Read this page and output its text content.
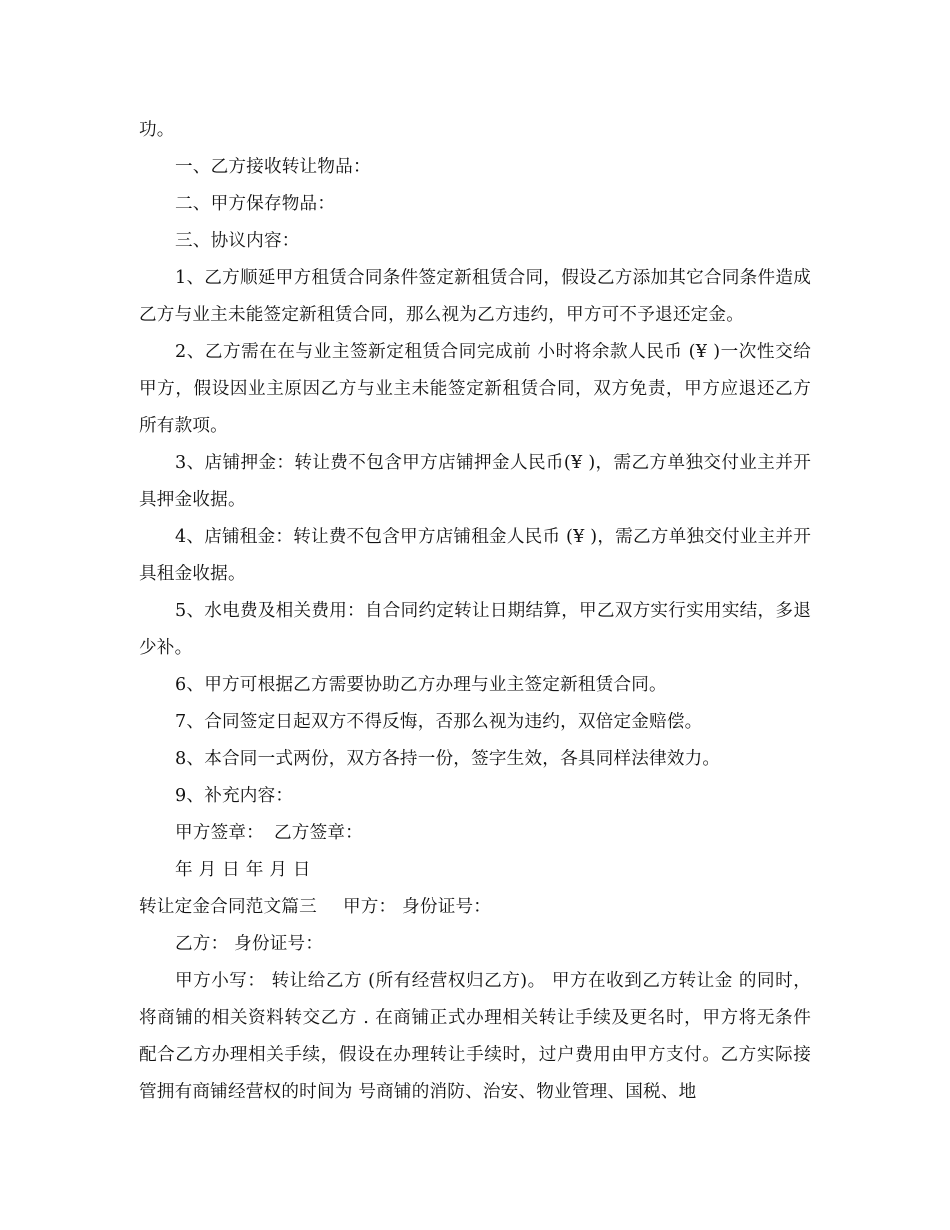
功。

一、乙方接收转让物品：

二、甲方保存物品：

三、协议内容：

1、乙方顺延甲方租赁合同条件签定新租赁合同，假设乙方添加其它合同条件造成乙方与业主未能签定新租赁合同，那么视为乙方违约，甲方可不予退还定金。

2、乙方需在在与业主签新定租赁合同完成前 小时将余款人民币 (¥ )一次性交给甲方，假设因业主原因乙方与业主未能签定新租赁合同，双方免责，甲方应退还乙方所有款项。

3、店铺押金：转让费不包含甲方店铺押金人民币(¥ )，需乙方单独交付业主并开具押金收据。

4、店铺租金：转让费不包含甲方店铺租金人民币 (¥ )，需乙方单独交付业主并开具租金收据。

5、水电费及相关费用：自合同约定转让日期结算，甲乙双方实行实用实结，多退少补。

6、甲方可根据乙方需要协助乙方办理与业主签定新租赁合同。

7、合同签定日起双方不得反悔，否那么视为违约，双倍定金赔偿。

8、本合同一式两份，双方各持一份，签字生效，各具同样法律效力。

9、补充内容：

甲方签章： 乙方签章：

年 月 日 年 月 日

转让定金合同范文篇三 甲方： 身份证号：

乙方： 身份证号：

甲方小写： 转让给乙方 (所有经营权归乙方)。 甲方在收到乙方转让金 的同时，将商铺的相关资料转交乙方 . 在商铺正式办理相关转让手续及更名时，甲方将无条件配合乙方办理相关手续，假设在办理转让手续时，过户费用由甲方支付。乙方实际接管拥有商铺经营权的时间为 号商铺的消防、治安、物业管理、国税、地
